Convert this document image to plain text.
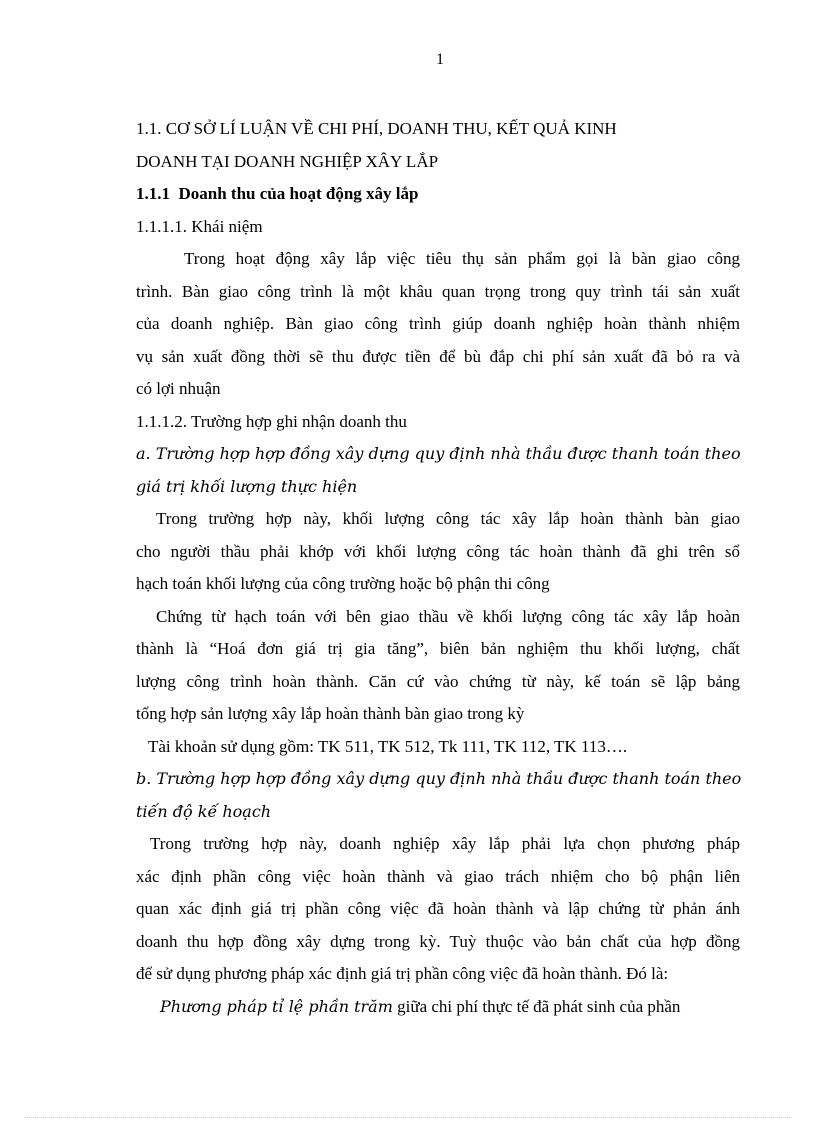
1
1.1. CƠ SỞ LÍ LUẬN VỀ CHI PHÍ, DOANH THU, KẾT QUẢ KINH
DOANH TẠI DOANH NGHIỆP XÂY LẮP
1.1.1 Doanh thu của hoạt động xây lắp
1.1.1.1. Khái niệm
Trong hoạt động xây lắp việc tiêu thụ sản phẩm gọi là bàn giao công
trình. Bàn giao công trình là một khâu quan trọng trong quy trình tái sản xuất
của doanh nghiệp. Bàn giao công trình giúp doanh nghiệp hoàn thành nhiệm
vụ sản xuất đồng thời sẽ thu được tiền để bù đắp chi phí sản xuất đã bỏ ra và
có lợi nhuận
1.1.1.2. Trường hợp ghi nhận doanh thu
a. Trường hợp hợp đồng xây dựng quy định nhà thầu được thanh toán theo
giá trị khối lượng thực hiện
Trong trường hợp này, khối lượng công tác xây lắp hoàn thành bàn giao
cho người thầu phải khớp với khối lượng công tác hoàn thành đã ghi trên sổ
hạch toán khối lượng của công trường hoặc bộ phận thi công
Chứng từ hạch toán với bên giao thầu về khối lượng công tác xây lắp hoàn
thành là “Hoá đơn giá trị gia tăng”, biên bản nghiệm thu khối lượng, chất
lượng công trình hoàn thành. Căn cứ vào chứng từ này, kế toán sẽ lập bảng
tổng hợp sản lượng xây lắp hoàn thành bàn giao trong kỳ
Tài khoản sử dụng gồm: TK 511, TK 512, Tk 111, TK 112, TK 113….
b. Trường hợp hợp đồng xây dựng quy định nhà thầu được thanh toán theo
tiến độ kế hoạch
Trong trường hợp này, doanh nghiệp xây lắp phải lựa chọn phương pháp
xác định phần công việc hoàn thành và giao trách nhiệm cho bộ phận liên
quan xác định giá trị phần công việc đã hoàn thành và lập chứng từ phản ánh
doanh thu hợp đồng xây dựng trong kỳ. Tuỳ thuộc vào bản chất của hợp đồng
để sử dụng phương pháp xác định giá trị phần công việc đã hoàn thành. Đó là:
Phương pháp tỉ lệ phần trăm giữa chi phí thực tế đã phát sinh của phần
